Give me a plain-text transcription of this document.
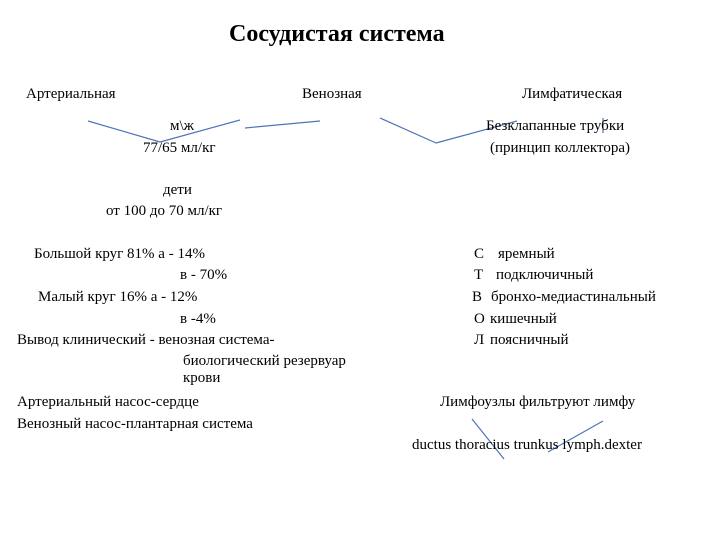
Сосудистая система
Артериальная	Венозная	Лимфатическая
м\ж
77/65 мл/кг
дети
от 100 до 70 мл/кг
Большой круг 81% а - 14%
в - 70%
Малый круг 16% а - 12%
в -4%
Вывод клинический - венозная система-
биологический резервуар
крови
Артериальный насос-сердце
Венозный насос-плантарная система
Безклапанные трубки
(принцип коллектора)
С яремный
Т подключичный
В бронхо-медиастинальный
О кишечный
Л поясничный
Лимфоузлы фильтруют лимфу
ductus thoracius trunkus lymph.dexter
